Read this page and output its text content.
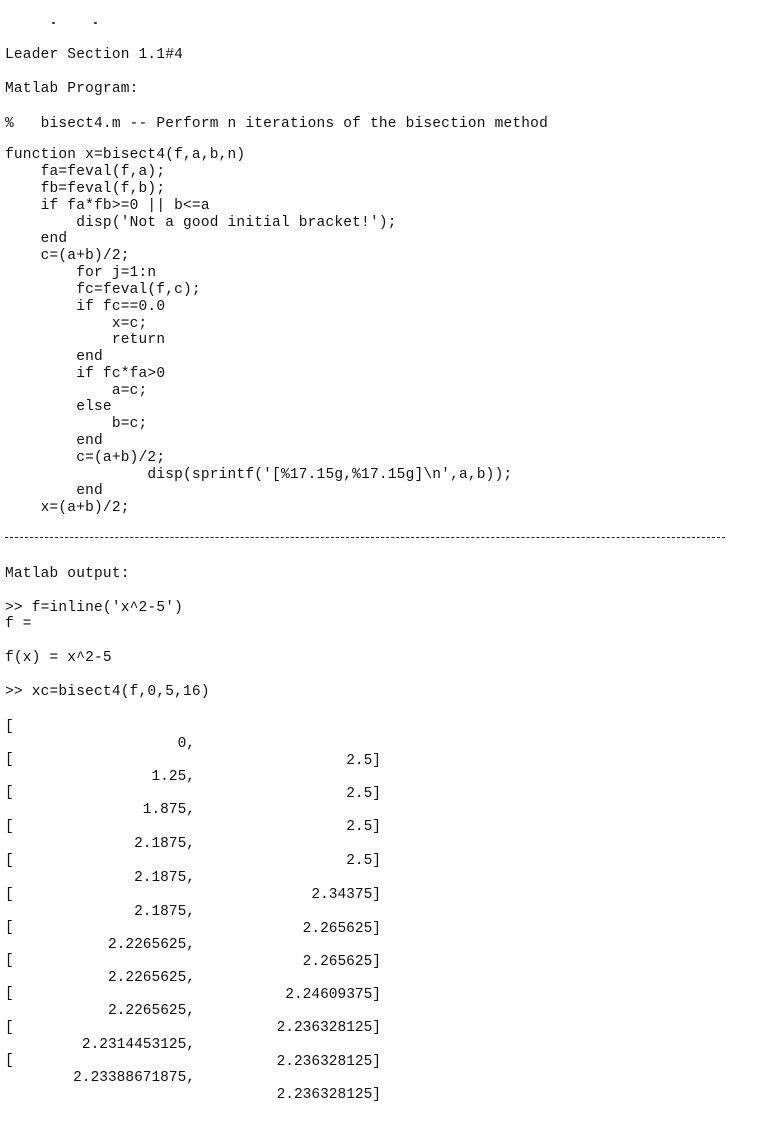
Leader Section 1.1#4

Matlab Program:

%   bisect4.m -- Perform n iterations of the bisection method

function x=bisect4(f,a,b,n)

fa=feval(f,a);

fb=feval(f,b);

if fa*fb>=0 || b<=a

disp('Not a good initial bracket!');

end

c=(a+b)/2;

for j=1:n

fc=feval(f,c);

if fc==0.0

x=c;

return

end

if fc*fa>0

a=c;

else

b=c;

end

c=(a+b)/2;

disp(sprintf('[%17.15g,%17.15g]\n',a,b));

end

x=(a+b)/2;

Matlab output:

>> f=inline('x^2-5')

f =

f(x) = x^2-5

>> xc=bisect4(f,0,5,16)

[

0,

2.5]

[

1.25,

2.5]

[

1.875,

2.5]

[

2.1875,

2.5]

[

2.1875,

2.34375]

[

2.1875,

2.265625]

[

2.2265625,

2.265625]

[

2.2265625,

2.24609375]

[

2.2265625,

2.236328125]

[

2.2314453125,

2.236328125]

[

2.23388671875,

2.236328125]
